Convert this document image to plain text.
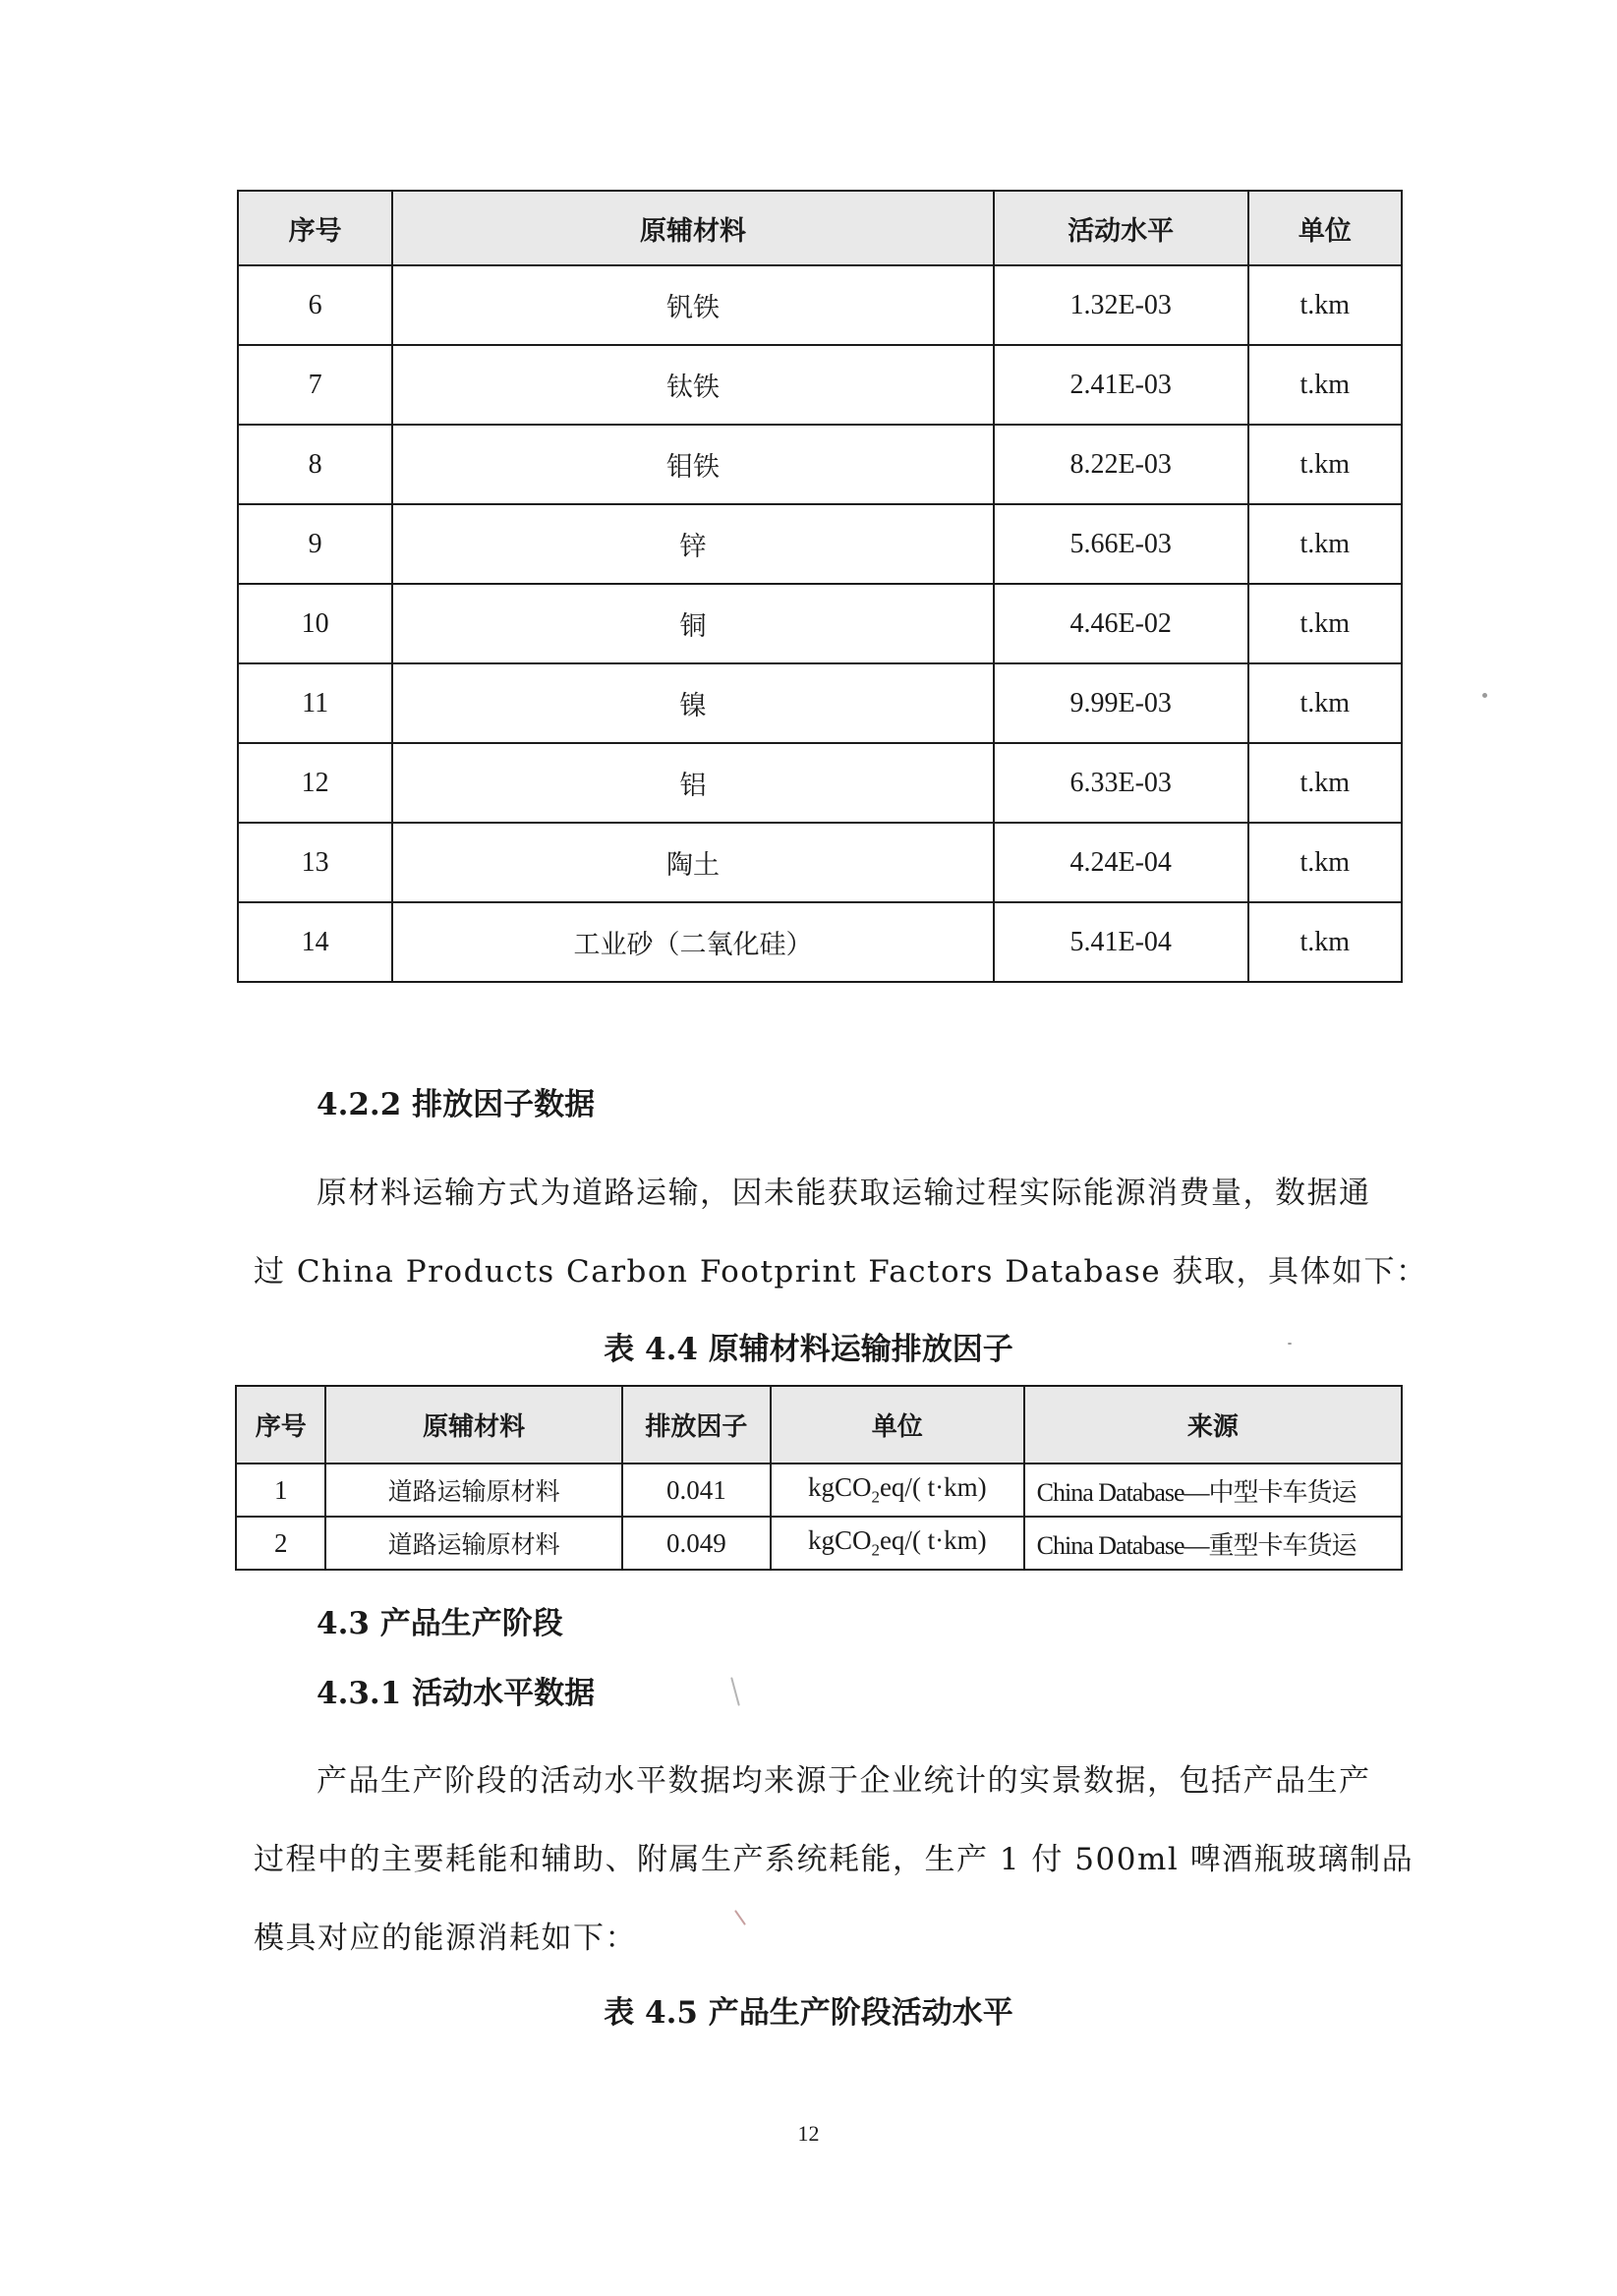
序号	原辅材料	活动水平	单位
6	钒铁	1.32E-03	t.km
7	钛铁	2.41E-03	t.km
8	钼铁	8.22E-03	t.km
9	锌	5.66E-03	t.km
10	铜	4.46E-02	t.km
11	镍	9.99E-03	t.km
12	铝	6.33E-03	t.km
13	陶土	4.24E-04	t.km
14	工业砂（二氧化硅）	5.41E-04	t.km
4.2.2 排放因子数据
原材料运输方式为道路运输，因未能获取运输过程实际能源消费量，数据通
过 China Products Carbon Footprint Factors Database 获取，具体如下：
表 4.4 原辅材料运输排放因子
序号	原辅材料	排放因子	单位	来源
1	道路运输原材料	0.041	kgCO$_2$eq/( t·km)	China Database—中型卡车货运
2	道路运输原材料	0.049	kgCO$_2$eq/( t·km)	China Database—重型卡车货运
4.3 产品生产阶段
4.3.1 活动水平数据
产品生产阶段的活动水平数据均来源于企业统计的实景数据，包括产品生产
过程中的主要耗能和辅助、附属生产系统耗能，生产 1 付 500ml 啤酒瓶玻璃制品
模具对应的能源消耗如下：
表 4.5 产品生产阶段活动水平
12
